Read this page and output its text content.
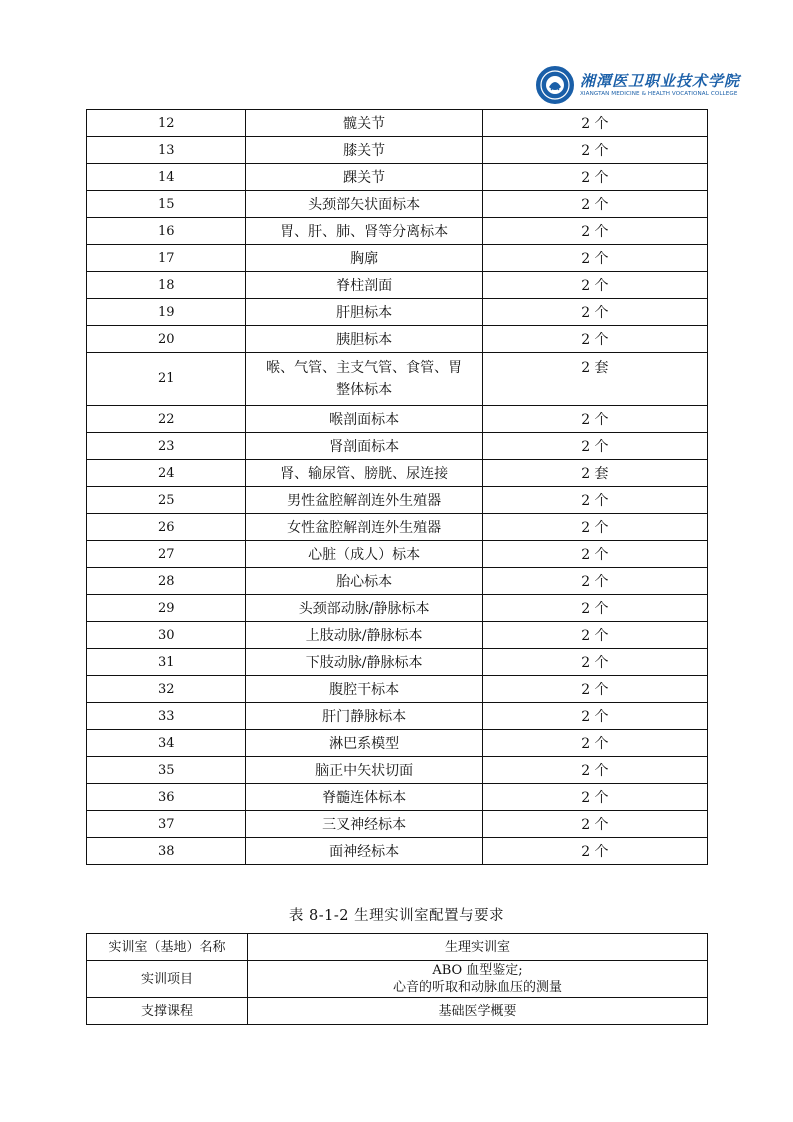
湘潭医卫职业技术学院
XIANGTAN MEDICINE & HEALTH VOCATIONAL COLLEGE
12	髋关节	2 个
13	膝关节	2 个
14	踝关节	2 个
15	头颈部矢状面标本	2 个
16	胃、肝、肺、肾等分离标本	2 个
17	胸廓	2 个
18	脊柱剖面	2 个
19	肝胆标本	2 个
20	胰胆标本	2 个
21	喉、气管、主支气管、食管、胃
整体标本	2 套
22	喉剖面标本	2 个
23	肾剖面标本	2 个
24	肾、输尿管、膀胱、尿连接	2 套
25	男性盆腔解剖连外生殖器	2 个
26	女性盆腔解剖连外生殖器	2 个
27	心脏（成人）标本	2 个
28	胎心标本	2 个
29	头颈部动脉/静脉标本	2 个
30	上肢动脉/静脉标本	2 个
31	下肢动脉/静脉标本	2 个
32	腹腔干标本	2 个
33	肝门静脉标本	2 个
34	淋巴系模型	2 个
35	脑正中矢状切面	2 个
36	脊髓连体标本	2 个
37	三叉神经标本	2 个
38	面神经标本	2 个
表 8-1-2 生理实训室配置与要求
实训室（基地）名称	生理实训室
实训项目	ABO 血型鉴定;
心音的听取和动脉血压的测量

支撑课程	基础医学概要
